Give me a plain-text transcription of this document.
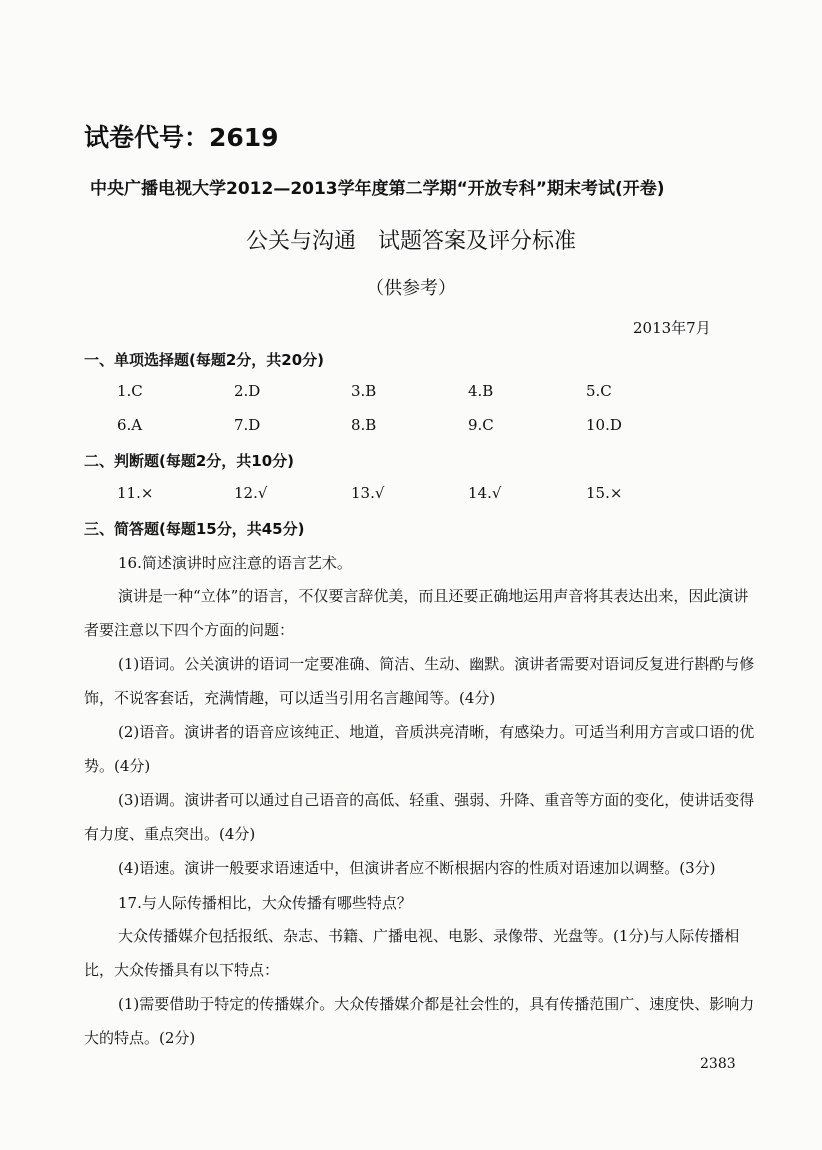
试卷代号：2619
中央广播电视大学2012—2013学年度第二学期“开放专科”期末考试(开卷)
公关与沟通　试题答案及评分标准
（供参考）
2013年7月
一、单项选择题(每题2分，共20分)
1.C	2.D	3.B	4.B	5.C
6.A	7.D	8.B	9.C	10.D
二、判断题(每题2分，共10分)
11.×	12.√	13.√	14.√	15.×
三、简答题(每题15分，共45分)
16.简述演讲时应注意的语言艺术。
演讲是一种“立体”的语言，不仅要言辞优美，而且还要正确地运用声音将其表达出来，因此演讲者要注意以下四个方面的问题：
(1)语词。公关演讲的语词一定要准确、简洁、生动、幽默。演讲者需要对语词反复进行斟酌与修饰，不说客套话，充满情趣，可以适当引用名言趣闻等。(4分)
(2)语音。演讲者的语音应该纯正、地道，音质洪亮清晰，有感染力。可适当利用方言或口语的优势。(4分)
(3)语调。演讲者可以通过自己语音的高低、轻重、强弱、升降、重音等方面的变化，使讲话变得有力度、重点突出。(4分)
(4)语速。演讲一般要求语速适中，但演讲者应不断根据内容的性质对语速加以调整。(3分)
17.与人际传播相比，大众传播有哪些特点？
大众传播媒介包括报纸、杂志、书籍、广播电视、电影、录像带、光盘等。(1分)与人际传播相比，大众传播具有以下特点：
(1)需要借助于特定的传播媒介。大众传播媒介都是社会性的，具有传播范围广、速度快、影响力大的特点。(2分)
2383
